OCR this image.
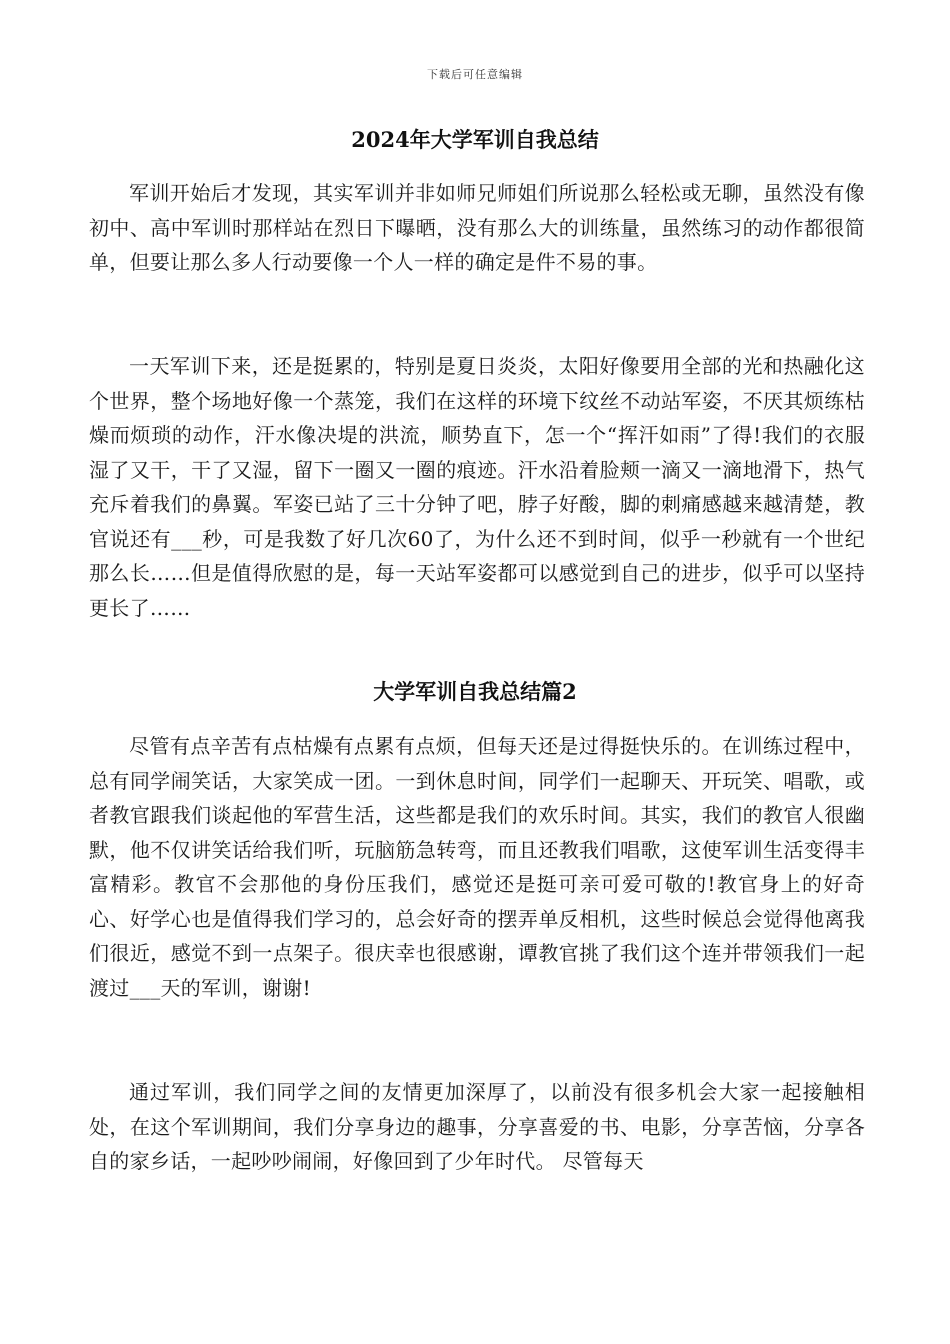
下载后可任意编辑
2024年大学军训自我总结

军训开始后才发现，其实军训并非如师兄师姐们所说那么轻松或无聊，虽然没有像初中、高中军训时那样站在烈日下曝晒，没有那么大的训练量，虽然练习的动作都很简单，但要让那么多人行动要像一个人一样的确定是件不易的事。

一天军训下来，还是挺累的，特别是夏日炎炎，太阳好像要用全部的光和热融化这个世界，整个场地好像一个蒸笼，我们在这样的环境下纹丝不动站军姿，不厌其烦练枯燥而烦琐的动作，汗水像决堤的洪流，顺势直下，怎一个“挥汗如雨”了得!我们的衣服湿了又干，干了又湿，留下一圈又一圈的痕迹。汗水沿着脸颊一滴又一滴地滑下，热气充斥着我们的鼻翼。军姿已站了三十分钟了吧，脖子好酸，脚的刺痛感越来越清楚，教官说还有___秒，可是我数了好几次60了，为什么还不到时间，似乎一秒就有一个世纪那么长……但是值得欣慰的是，每一天站军姿都可以感觉到自己的进步，似乎可以坚持更长了……

大学军训自我总结篇2

尽管有点辛苦有点枯燥有点累有点烦，但每天还是过得挺快乐的。在训练过程中，总有同学闹笑话，大家笑成一团。一到休息时间，同学们一起聊天、开玩笑、唱歌，或者教官跟我们谈起他的军营生活，这些都是我们的欢乐时间。其实，我们的教官人很幽默，他不仅讲笑话给我们听，玩脑筋急转弯，而且还教我们唱歌，这使军训生活变得丰富精彩。教官不会那他的身份压我们，感觉还是挺可亲可爱可敬的!教官身上的好奇心、好学心也是值得我们学习的，总会好奇的摆弄单反相机，这些时候总会觉得他离我们很近，感觉不到一点架子。很庆幸也很感谢，谭教官挑了我们这个连并带领我们一起渡过___天的军训，谢谢!

通过军训，我们同学之间的友情更加深厚了，以前没有很多机会大家一起接触相处，在这个军训期间，我们分享身边的趣事，分享喜爱的书、电影，分享苦恼，分享各自的家乡话，一起吵吵闹闹，好像回到了少年时代。 尽管每天
